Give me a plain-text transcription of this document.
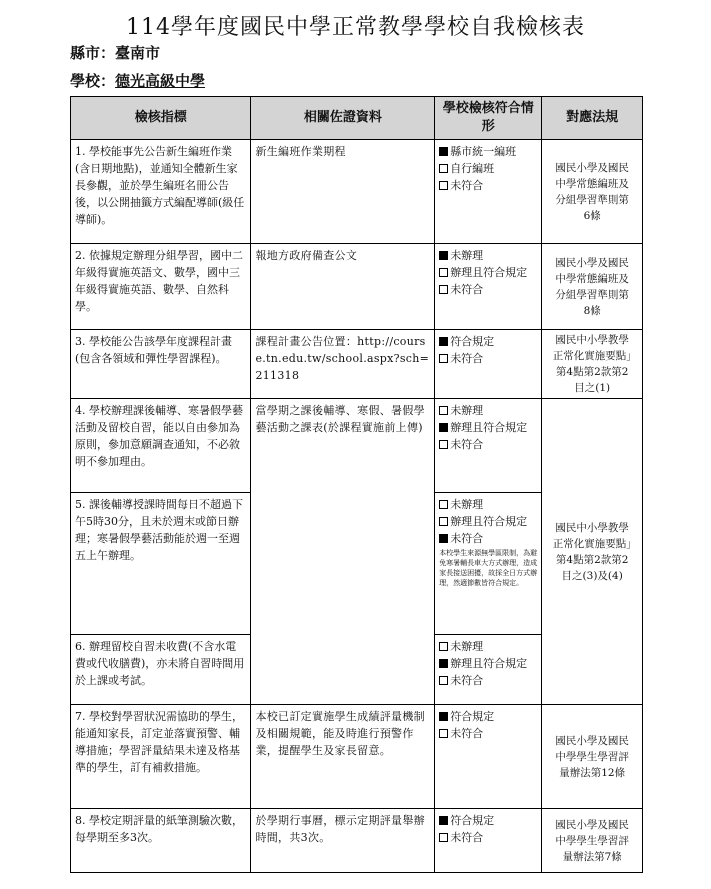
114學年度國民中學正常教學學校自我檢核表
縣市：臺南市
學校：德光高級中學
檢核指標	相關佐證資料	學校檢核符合情形	對應法規
1. 學校能事先公告新生編班作業(含日期地點)，並通知全體新生家長參觀，並於學生編班名冊公告後，以公開抽籤方式編配導師(級任導師)。	新生編班作業期程	縣市統一編班
自行編班
未符合	國民小學及國民中學常態編班及分組學習準則第6條
2. 依據規定辦理分組學習，國中二年級得實施英語文、數學，國中三年級得實施英語、數學、自然科學。	報地方政府備查公文	未辦理
辦理且符合規定
未符合	國民小學及國民中學常態編班及分組學習準則第8條
3. 學校能公告該學年度課程計畫(包含各領域和彈性學習課程)。	課程計畫公告位置：http://course.tn.edu.tw/school.aspx?sch=211318	符合規定
未符合	國民中小學教學正常化實施要點」第4點第2款第2目之(1)
4. 學校辦理課後輔導、寒暑假學藝活動及留校自習，能以自由參加為原則，參加意願調查通知，不必敘明不參加理由。	當學期之課後輔導、寒假、暑假學藝活動之課表(於課程實施前上傳)	未辦理
辦理且符合規定
未符合	國民中小學教學正常化實施要點」第4點第2款第2目之(3)及(4)
5. 課後輔導授課時間每日不超過下午5時30分，且未於週末或節日辦理；寒暑假學藝活動能於週一至週五上午辦理。		未辦理
辦理且符合規定
未符合
本校學生來源無學區限制，為避免寒暑輔長車大方式辦理，造成家長接送困擾，故採全日方式辦理，然適節數皆符合規定。	

6. 辦理留校自習未收費(不含水電費或代收膳費)，亦未將自習時間用於上課或考試。		未辦理
辦理且符合規定
未符合	

7. 學校對學習狀況需協助的學生，能通知家長，訂定並落實預警、輔導措施；學習評量結果未達及格基準的學生，訂有補救措施。	本校已訂定實施學生成績評量機制及相關規範，能及時進行預警作業，提醒學生及家長留意。	符合規定
未符合	國民小學及國民中學學生學習評量辦法第12條
8. 學校定期評量的紙筆測驗次數，每學期至多3次。	於學期行事曆，標示定期評量舉辦時間，共3次。	符合規定
未符合	國民小學及國民中學學生學習評量辦法第7條
